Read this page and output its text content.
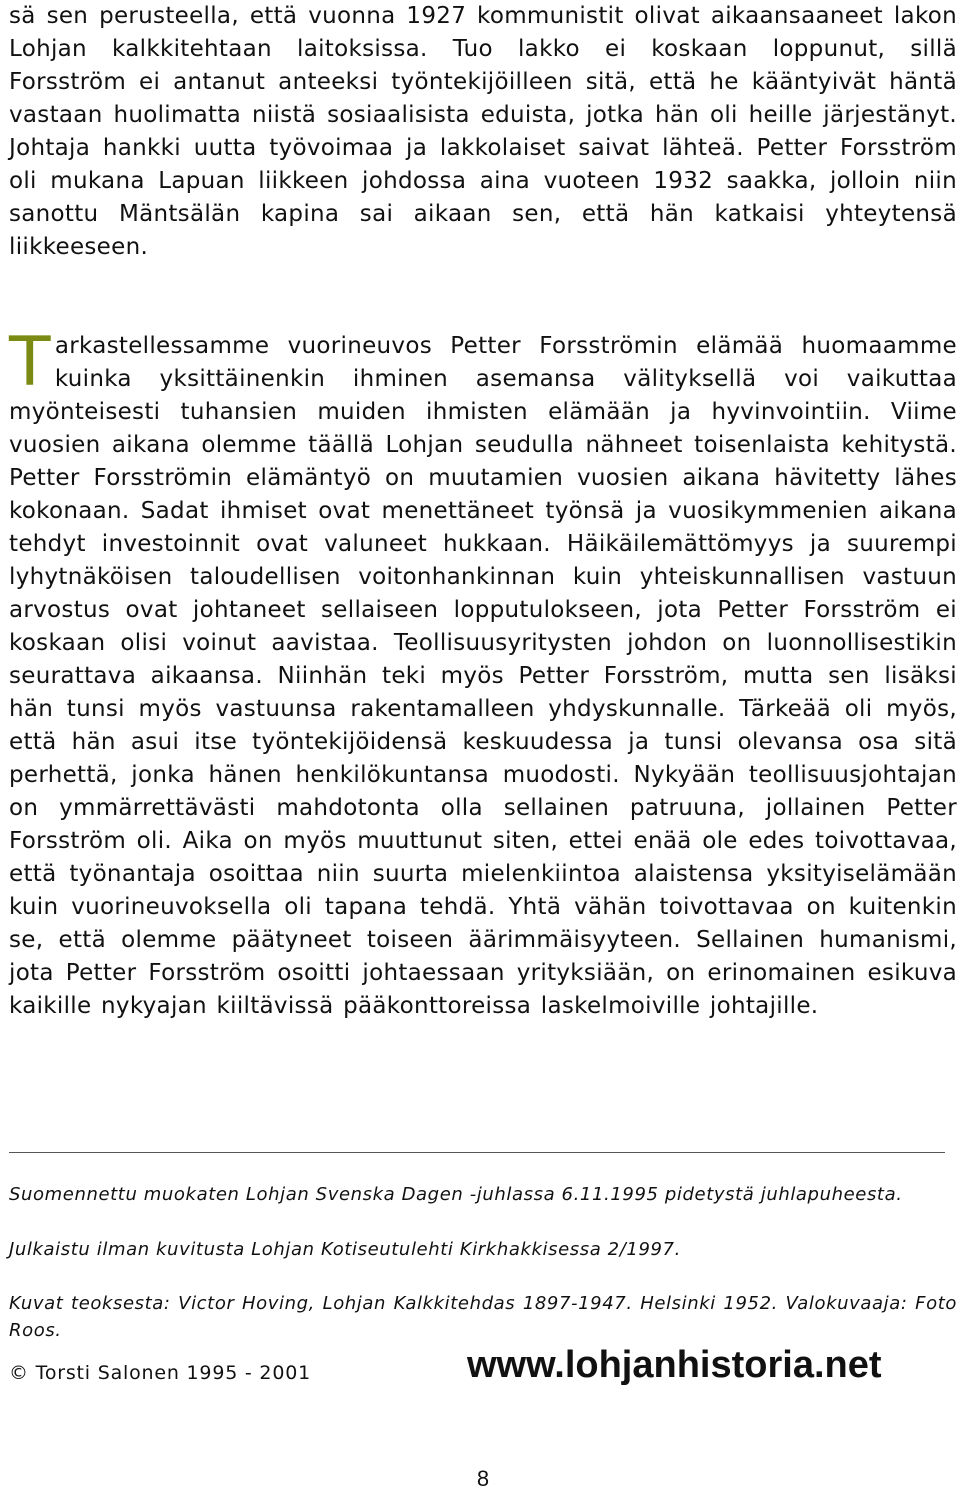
sä sen perusteella, että vuonna 1927 kommunistit olivat aikaansaaneet lakon Lohjan kalkkitehtaan laitoksissa. Tuo lakko ei koskaan loppunut, sillä Forsström ei antanut anteeksi työntekijöilleen sitä, että he kääntyivät häntä vastaan huolimatta niistä sosiaalisista eduista, jotka hän oli heille järjestänyt. Johtaja hankki uutta työvoimaa ja lakkolaiset saivat lähteä. Petter Forsström oli mukana Lapuan liikkeen johdossa aina vuoteen 1932 saakka, jolloin niin sanottu Mäntsälän kapina sai aikaan sen, että hän katkaisi yhteytensä liikkeeseen.

Tarkastellessamme vuorineuvos Petter Forsströmin elämää huomaamme kuinka yksittäinenkin ihminen asemansa välityksellä voi vaikuttaa myönteisesti tuhansien muiden ihmisten elämään ja hyvinvointiin. Viime vuosien aikana olemme täällä Lohjan seudulla nähneet toisenlaista kehitystä. Petter Forsströmin elämäntyö on muutamien vuosien aikana hävitetty lähes kokonaan. Sadat ihmiset ovat menettäneet työnsä ja vuosikymmenien aikana tehdyt investoinnit ovat valuneet hukkaan. Häikäilemättömyys ja suurempi lyhytnäköisen taloudellisen voitonhankinnan kuin yhteiskunnallisen vastuun arvostus ovat johtaneet sellaiseen lopputulokseen, jota Petter Forsström ei koskaan olisi voinut aavistaa. Teollisuusyritysten johdon on luonnollisestikin seurattava aikaansa. Niinhän teki myös Petter Forsström, mutta sen lisäksi hän tunsi myös vastuunsa rakentamalleen yhdyskunnalle. Tärkeää oli myös, että hän asui itse työntekijöidensä keskuudessa ja tunsi olevansa osa sitä perhettä, jonka hänen henkilökuntansa muodosti. Nykyään teollisuusjohtajan on ymmärrettävästi mahdotonta olla sellainen patruuna, jollainen Petter Forsström oli. Aika on myös muuttunut siten, ettei enää ole edes toivottavaa, että työnantaja osoittaa niin suurta mielenkiintoa alaistensa yksityiselämään kuin vuorineuvoksella oli tapana tehdä. Yhtä vähän toivottavaa on kuitenkin se, että olemme päätyneet toiseen äärimmäisyyteen. Sellainen humanismi, jota Petter Forsström osoitti johtaessaan yrityksiään, on erinomainen esikuva kaikille nykyajan kiiltävissä pääkonttoreissa laskelmoiville johtajille.

Suomennettu muokaten Lohjan Svenska Dagen -juhlassa 6.11.1995 pidetystä juhlapuheesta.

Julkaistu ilman kuvitusta Lohjan Kotiseutulehti Kirkhakkisessa 2/1997.

Kuvat teoksesta: Victor Hoving, Lohjan Kalkkitehdas 1897-1947. Helsinki 1952. Valokuvaaja: Foto Roos.

© Torsti Salonen 1995 - 2001	www.lohjanhistoria.net
8
